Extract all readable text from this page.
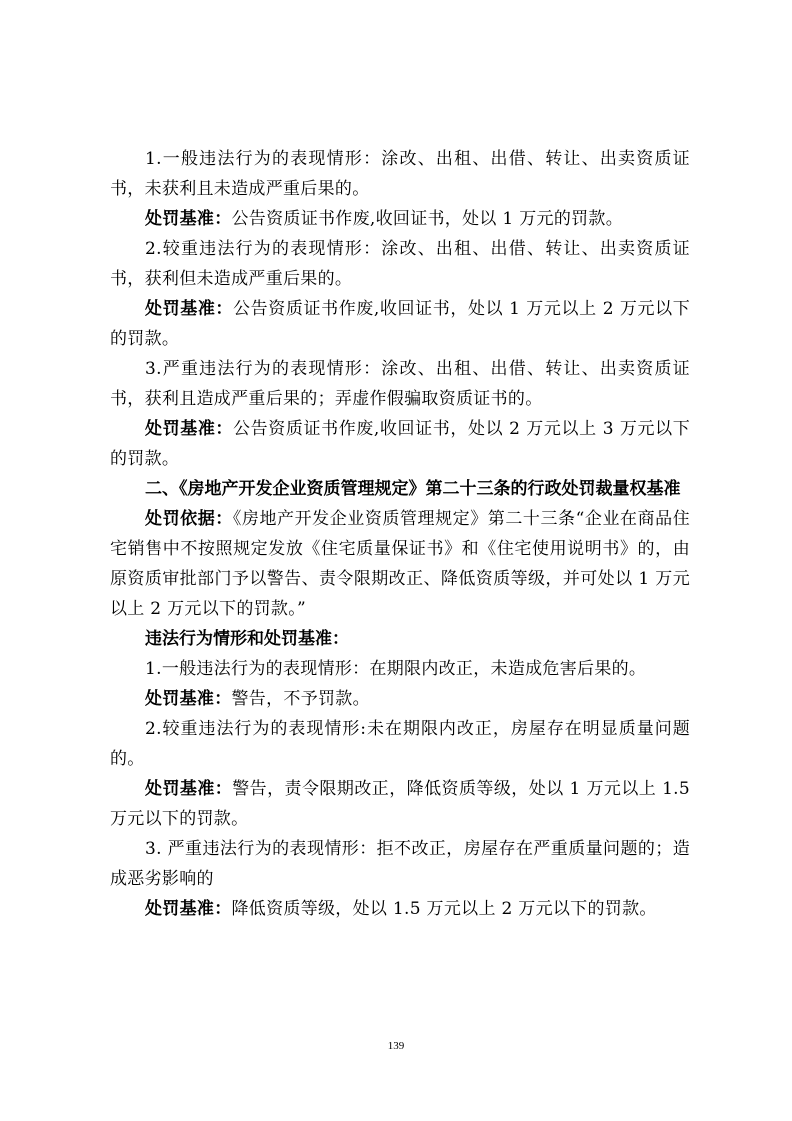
1.一般违法行为的表现情形：涂改、出租、出借、转让、出卖资质证书，未获利且未造成严重后果的。

处罚基准：公告资质证书作废,收回证书，处以 1 万元的罚款。

2.较重违法行为的表现情形：涂改、出租、出借、转让、出卖资质证书，获利但未造成严重后果的。

处罚基准：公告资质证书作废,收回证书，处以 1 万元以上 2 万元以下的罚款。

3.严重违法行为的表现情形：涂改、出租、出借、转让、出卖资质证书，获利且造成严重后果的；弄虚作假骗取资质证书的。

处罚基准：公告资质证书作废,收回证书，处以 2 万元以上 3 万元以下的罚款。

二、《房地产开发企业资质管理规定》第二十三条的行政处罚裁量权基准

处罚依据：《房地产开发企业资质管理规定》第二十三条“企业在商品住宅销售中不按照规定发放《住宅质量保证书》和《住宅使用说明书》的，由原资质审批部门予以警告、责令限期改正、降低资质等级，并可处以 1 万元以上 2 万元以下的罚款。”

违法行为情形和处罚基准：

1.一般违法行为的表现情形：在期限内改正，未造成危害后果的。

处罚基准：警告，不予罚款。

2.较重违法行为的表现情形:未在期限内改正，房屋存在明显质量问题的。

处罚基准：警告，责令限期改正，降低资质等级，处以 1 万元以上 1.5 万元以下的罚款。

3. 严重违法行为的表现情形：拒不改正，房屋存在严重质量问题的；造成恶劣影响的

处罚基准：降低资质等级，处以 1.5 万元以上 2 万元以下的罚款。

139
